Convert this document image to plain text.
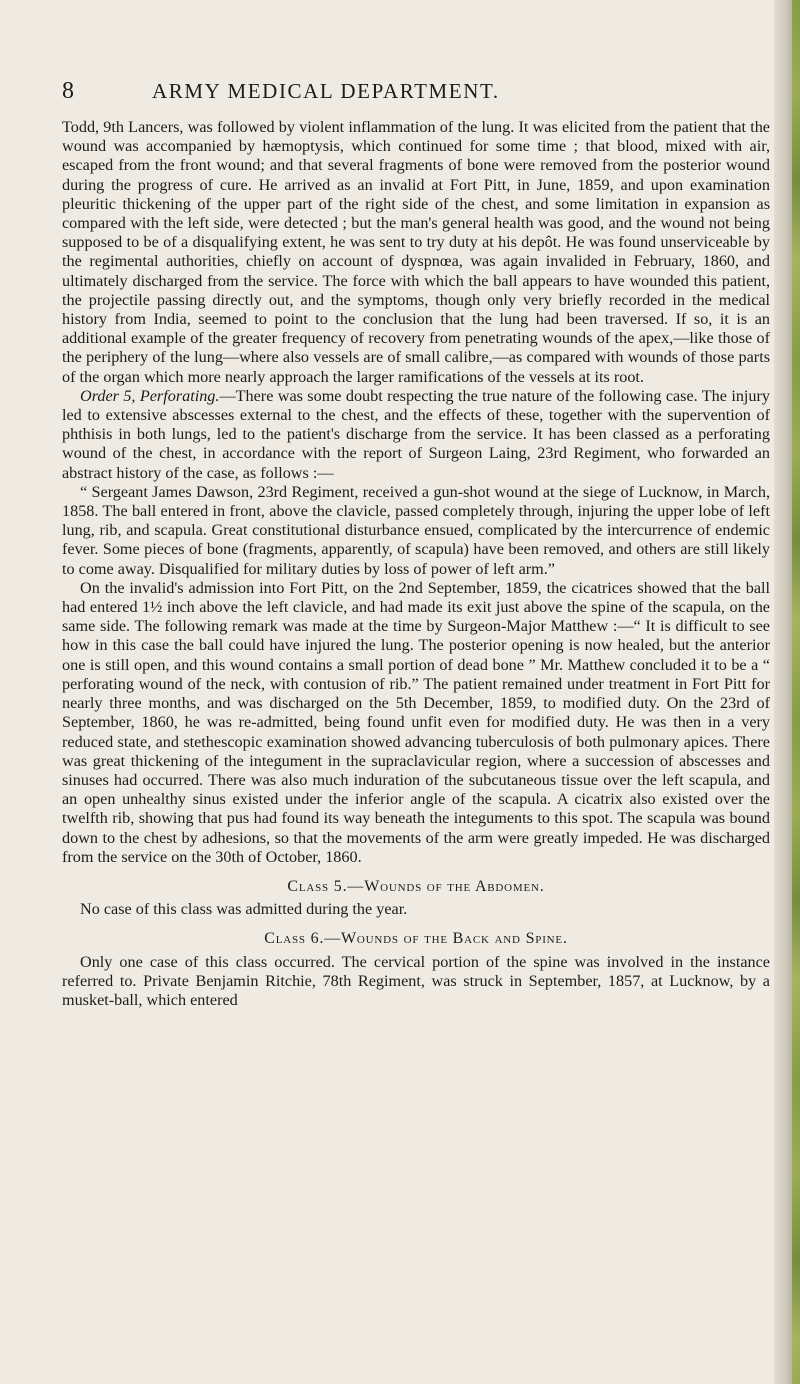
8	ARMY MEDICAL DEPARTMENT.

Todd, 9th Lancers, was followed by violent inflammation of the lung. It was elicited from the patient that the wound was accompanied by hæmoptysis, which continued for some time ; that blood, mixed with air, escaped from the front wound; and that several fragments of bone were removed from the posterior wound during the progress of cure. He arrived as an invalid at Fort Pitt, in June, 1859, and upon examination pleuritic thickening of the upper part of the right side of the chest, and some limitation in expansion as compared with the left side, were detected ; but the man's general health was good, and the wound not being supposed to be of a disqualifying extent, he was sent to try duty at his depôt. He was found unserviceable by the regimental authorities, chiefly on account of dyspnœa, was again invalided in February, 1860, and ultimately discharged from the service. The force with which the ball appears to have wounded this patient, the projectile passing directly out, and the symptoms, though only very briefly recorded in the medical history from India, seemed to point to the conclusion that the lung had been traversed. If so, it is an additional example of the greater frequency of recovery from penetrating wounds of the apex,—like those of the periphery of the lung—where also vessels are of small calibre,—as compared with wounds of those parts of the organ which more nearly approach the larger ramifications of the vessels at its root.

Order 5, Perforating.—There was some doubt respecting the true nature of the following case. The injury led to extensive abscesses external to the chest, and the effects of these, together with the supervention of phthisis in both lungs, led to the patient's discharge from the service. It has been classed as a perforating wound of the chest, in accordance with the report of Surgeon Laing, 23rd Regiment, who forwarded an abstract history of the case, as follows :—

“ Sergeant James Dawson, 23rd Regiment, received a gun-shot wound at the siege of Lucknow, in March, 1858. The ball entered in front, above the clavicle, passed completely through, injuring the upper lobe of left lung, rib, and scapula. Great constitutional disturbance ensued, complicated by the intercurrence of endemic fever. Some pieces of bone (fragments, apparently, of scapula) have been removed, and others are still likely to come away. Disqualified for military duties by loss of power of left arm.”

On the invalid's admission into Fort Pitt, on the 2nd September, 1859, the cicatrices showed that the ball had entered 1½ inch above the left clavicle, and had made its exit just above the spine of the scapula, on the same side. The following remark was made at the time by Surgeon-Major Matthew :—“ It is difficult to see how in this case the ball could have injured the lung. The posterior opening is now healed, but the anterior one is still open, and this wound contains a small portion of dead bone ” Mr. Matthew concluded it to be a “ perforating wound of the neck, with contusion of rib.” The patient remained under treatment in Fort Pitt for nearly three months, and was discharged on the 5th December, 1859, to modified duty. On the 23rd of September, 1860, he was re-admitted, being found unfit even for modified duty. He was then in a very reduced state, and stethescopic examination showed advancing tuberculosis of both pulmonary apices. There was great thickening of the integument in the supraclavicular region, where a succession of abscesses and sinuses had occurred. There was also much induration of the subcutaneous tissue over the left scapula, and an open unhealthy sinus existed under the inferior angle of the scapula. A cicatrix also existed over the twelfth rib, showing that pus had found its way beneath the integuments to this spot. The scapula was bound down to the chest by adhesions, so that the movements of the arm were greatly impeded. He was discharged from the service on the 30th of October, 1860.

Class 5.—Wounds of the Abdomen.

No case of this class was admitted during the year.

Class 6.—Wounds of the Back and Spine.

Only one case of this class occurred. The cervical portion of the spine was involved in the instance referred to. Private Benjamin Ritchie, 78th Regiment, was struck in September, 1857, at Lucknow, by a musket-ball, which entered
